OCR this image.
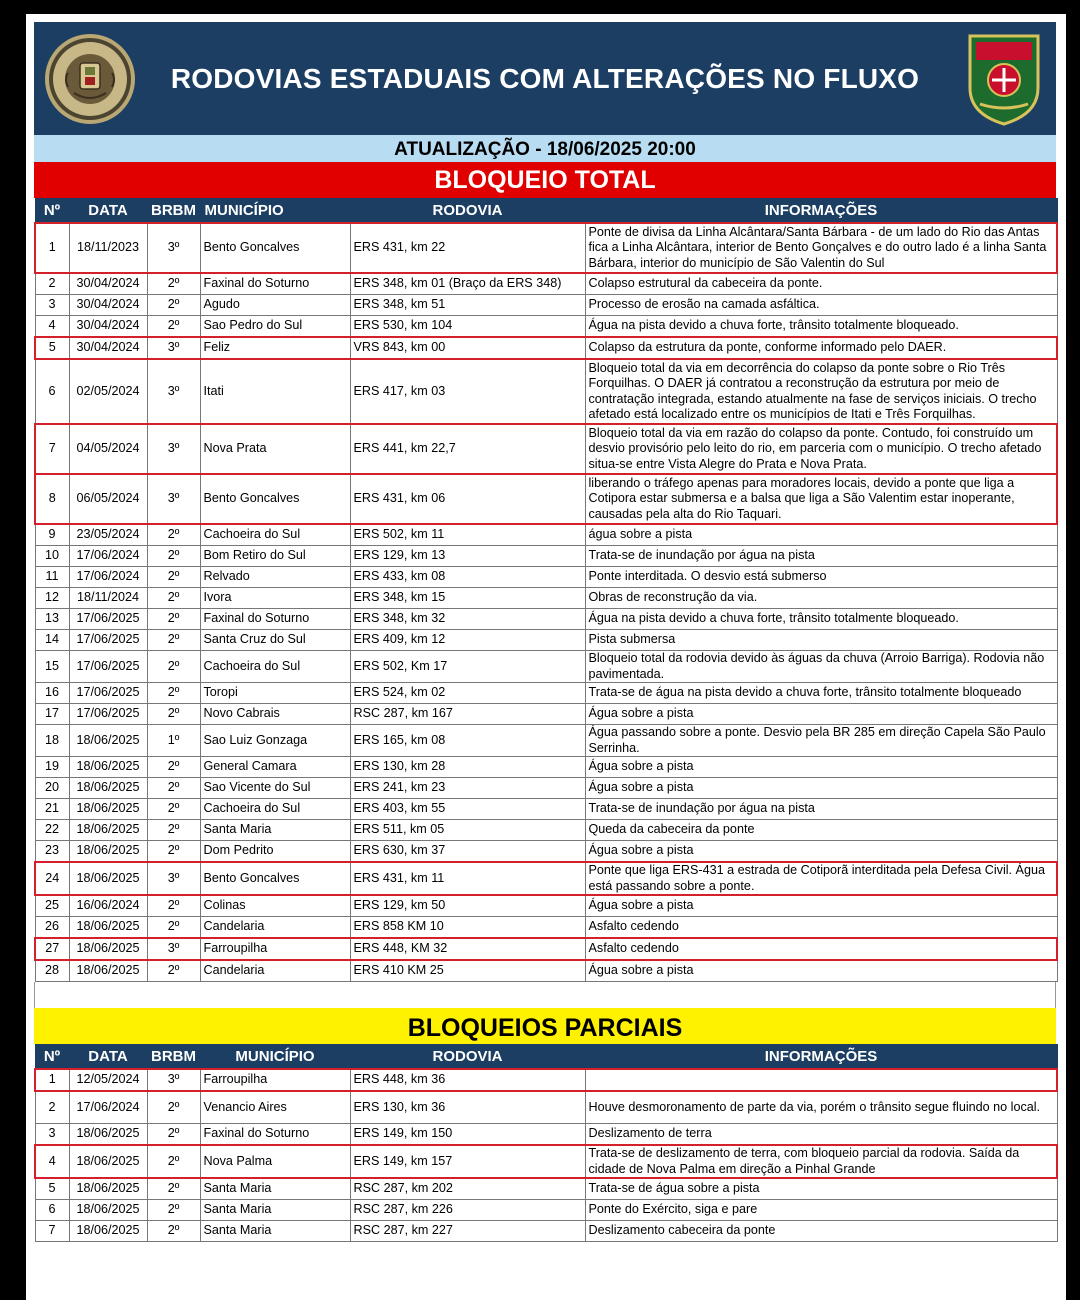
RODOVIAS ESTADUAIS COM ALTERAÇÕES NO FLUXO
ATUALIZAÇÃO - 18/06/2025 20:00
BLOQUEIO TOTAL
Nº	DATA	BRBM	MUNICÍPIO	RODOVIA	INFORMAÇÕES
1	18/11/2023	3º	Bento Goncalves	ERS 431, km 22	Ponte de divisa da Linha Alcântara/Santa Bárbara - de um lado do Rio das Antas fica a Linha Alcântara, interior de Bento Gonçalves e do outro lado é a linha Santa Bárbara, interior do município de São Valentin do Sul
2	30/04/2024	2º	Faxinal do Soturno	ERS 348, km 01 (Braço da ERS 348)	Colapso estrutural da cabeceira da ponte.
3	30/04/2024	2º	Agudo	ERS 348, km 51	Processo de erosão na camada asfáltica.
4	30/04/2024	2º	Sao Pedro do Sul	ERS 530, km 104	Água na pista devido a chuva forte, trânsito totalmente bloqueado.
5	30/04/2024	3º	Feliz	VRS 843, km 00	Colapso da estrutura da ponte, conforme informado pelo DAER.
6	02/05/2024	3º	Itati	ERS 417, km 03	Bloqueio total da via em decorrência do colapso da ponte sobre o Rio Três Forquilhas. O DAER já contratou a reconstrução da estrutura por meio de contratação integrada, estando atualmente na fase de serviços iniciais. O trecho afetado está localizado entre os municípios de Itati e Três Forquilhas.
7	04/05/2024	3º	Nova Prata	ERS 441, km 22,7	Bloqueio total da via em razão do colapso da ponte. Contudo, foi construído um desvio provisório pelo leito do rio, em parceria com o município. O trecho afetado situa-se entre Vista Alegre do Prata e Nova Prata.
8	06/05/2024	3º	Bento Goncalves	ERS 431, km 06	liberando o tráfego apenas para moradores locais, devido a ponte que liga a Cotipora estar submersa e a balsa que liga a São Valentim estar inoperante, causadas pela alta do Rio Taquari.
9	23/05/2024	2º	Cachoeira do Sul	ERS 502, km 11	água sobre a pista
10	17/06/2024	2º	Bom Retiro do Sul	ERS 129, km 13	Trata-se de inundação por água na pista
11	17/06/2024	2º	Relvado	ERS 433, km 08	Ponte interditada. O desvio está submerso
12	18/11/2024	2º	Ivora	ERS 348, km 15	Obras de reconstrução da via.
13	17/06/2025	2º	Faxinal do Soturno	ERS 348, km 32	Água na pista devido a chuva forte, trânsito totalmente bloqueado.
14	17/06/2025	2º	Santa Cruz do Sul	ERS 409, km 12	Pista submersa
15	17/06/2025	2º	Cachoeira do Sul	ERS 502, Km 17	Bloqueio total da rodovia devido às águas da chuva (Arroio Barriga). Rodovia não pavimentada.
16	17/06/2025	2º	Toropi	ERS 524, km 02	Trata-se de água na pista devido a chuva forte, trânsito totalmente bloqueado
17	17/06/2025	2º	Novo Cabrais	RSC 287, km 167	Água sobre a pista
18	18/06/2025	1º	Sao Luiz Gonzaga	ERS 165, km 08	Água passando sobre a ponte. Desvio pela BR 285 em direção Capela São Paulo Serrinha.
19	18/06/2025	2º	General Camara	ERS 130, km 28	Água sobre a pista
20	18/06/2025	2º	Sao Vicente do Sul	ERS 241, km 23	Água sobre a pista
21	18/06/2025	2º	Cachoeira do Sul	ERS 403, km 55	Trata-se de inundação por água na pista
22	18/06/2025	2º	Santa Maria	ERS 511, km 05	Queda da cabeceira da ponte
23	18/06/2025	2º	Dom Pedrito	ERS 630, km 37	Água sobre a pista
24	18/06/2025	3º	Bento Goncalves	ERS 431, km 11	Ponte que liga ERS-431 a estrada de Cotiporã interditada pela Defesa Civil. Água está passando sobre a ponte.
25	16/06/2024	2º	Colinas	ERS 129, km 50	Água sobre a pista
26	18/06/2025	2º	Candelaria	ERS 858 KM 10	Asfalto cedendo
27	18/06/2025	3º	Farroupilha	ERS 448, KM 32	Asfalto cedendo
28	18/06/2025	2º	Candelaria	ERS 410 KM 25	Água sobre a pista
BLOQUEIOS PARCIAIS
Nº	DATA	BRBM	MUNICÍPIO	RODOVIA	INFORMAÇÕES
1	12/05/2024	3º	Farroupilha	ERS 448, km 36	
2	17/06/2024	2º	Venancio Aires	ERS 130, km 36	Houve desmoronamento de parte da via, porém o trânsito segue fluindo no local.
3	18/06/2025	2º	Faxinal do Soturno	ERS 149, km 150	Deslizamento de terra
4	18/06/2025	2º	Nova Palma	ERS 149, km 157	Trata-se de deslizamento de terra, com bloqueio parcial da rodovia. Saída da cidade de Nova Palma em direção a Pinhal Grande
5	18/06/2025	2º	Santa Maria	RSC 287, km 202	Trata-se de água sobre a pista
6	18/06/2025	2º	Santa Maria	RSC 287, km 226	Ponte do Exército, siga e pare
7	18/06/2025	2º	Santa Maria	RSC 287, km 227	Deslizamento cabeceira da ponte
